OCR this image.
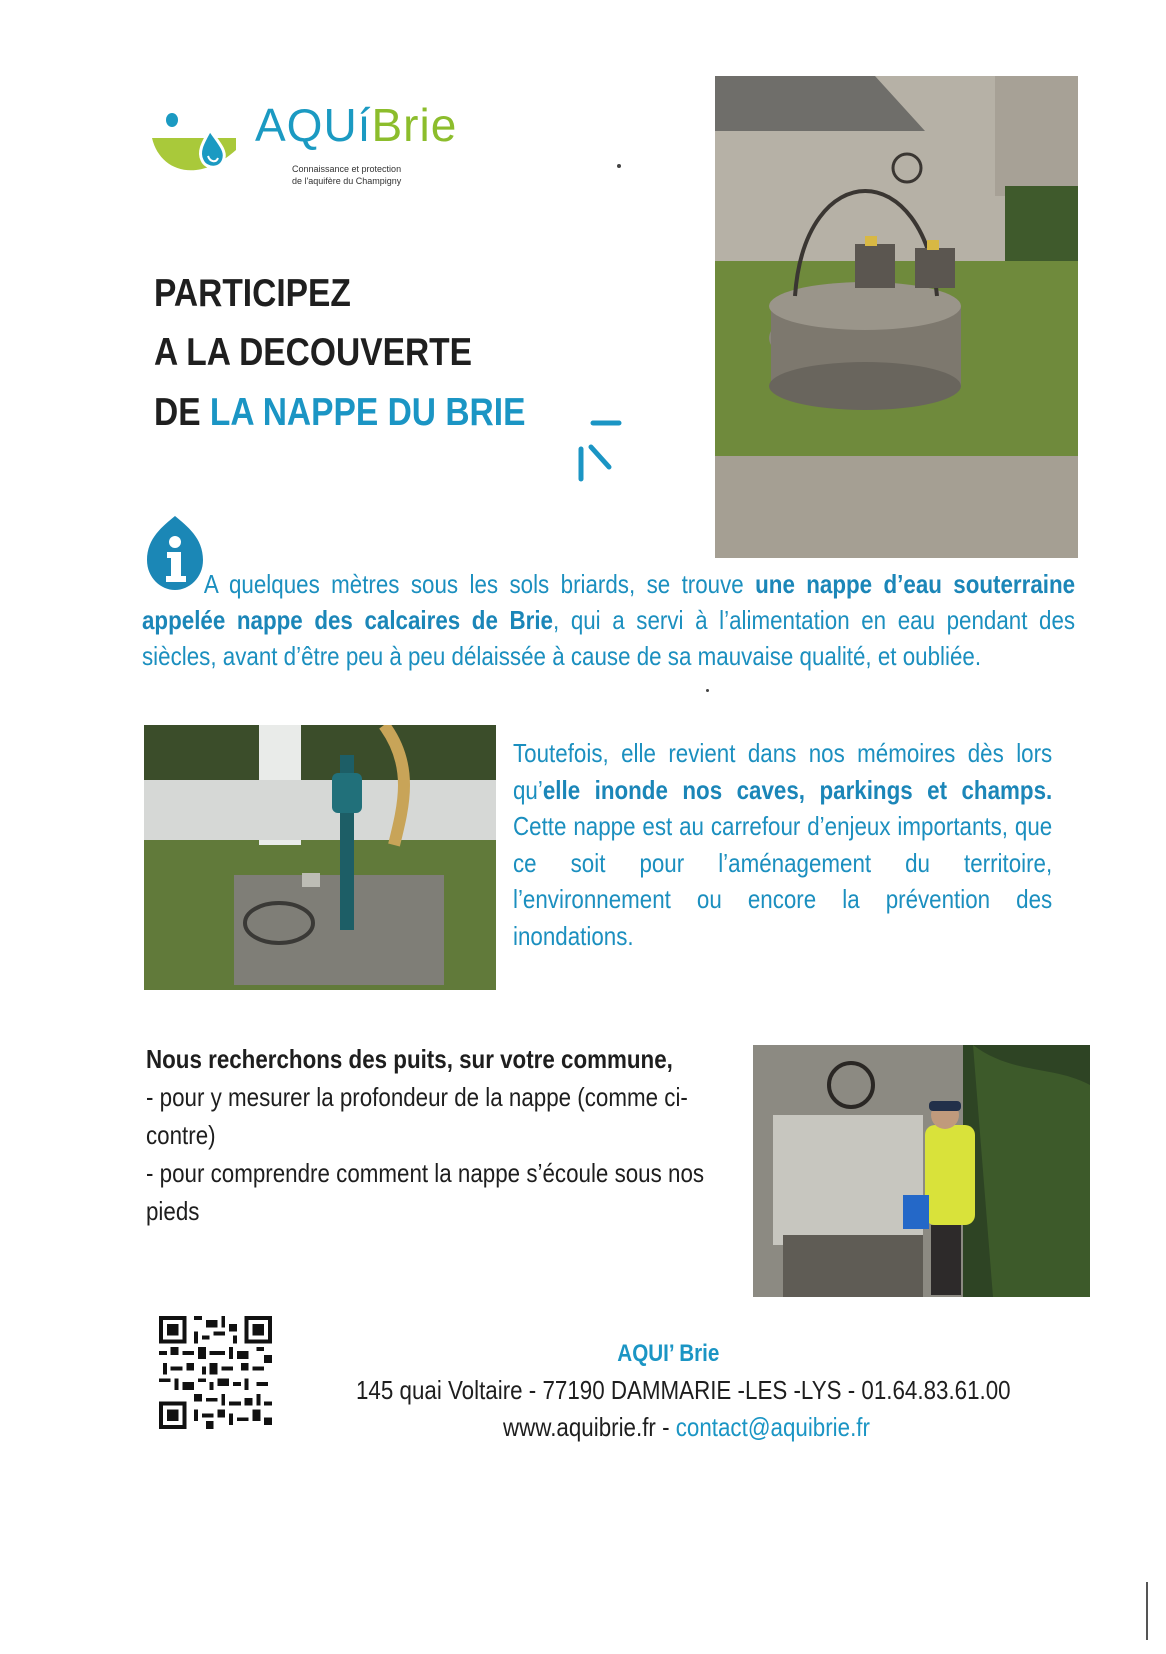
AQUíBrie
Connaissance et protection
de l'aquifère du Champigny
PARTICIPEZ
A LA DECOUVERTE
DE LA NAPPE DU BRIE
A quelques mètres sous les sols briards, se trouve une nappe d’eau souterraine appelée nappe des calcaires de Brie, qui a servi à l’alimentation en eau pendant des siècles, avant d’être peu à peu délaissée à cause de sa mauvaise qualité, et oubliée.
Toutefois, elle revient dans nos mémoires dès lors qu’elle inonde nos caves, parkings et champs. Cette nappe est au carrefour d’enjeux importants, que ce soit pour l’aménagement du territoire, l’environnement ou encore la prévention des inondations.
Nous recherchons des puits, sur votre commune,
- pour y mesurer la profondeur de la nappe (comme ci-contre)
- pour comprendre comment la nappe s’écoule sous nos pieds
AQUI’ Brie
145 quai Voltaire - 77190 DAMMARIE -LES -LYS - 01.64.83.61.00
www.aquibrie.fr - contact@aquibrie.fr
